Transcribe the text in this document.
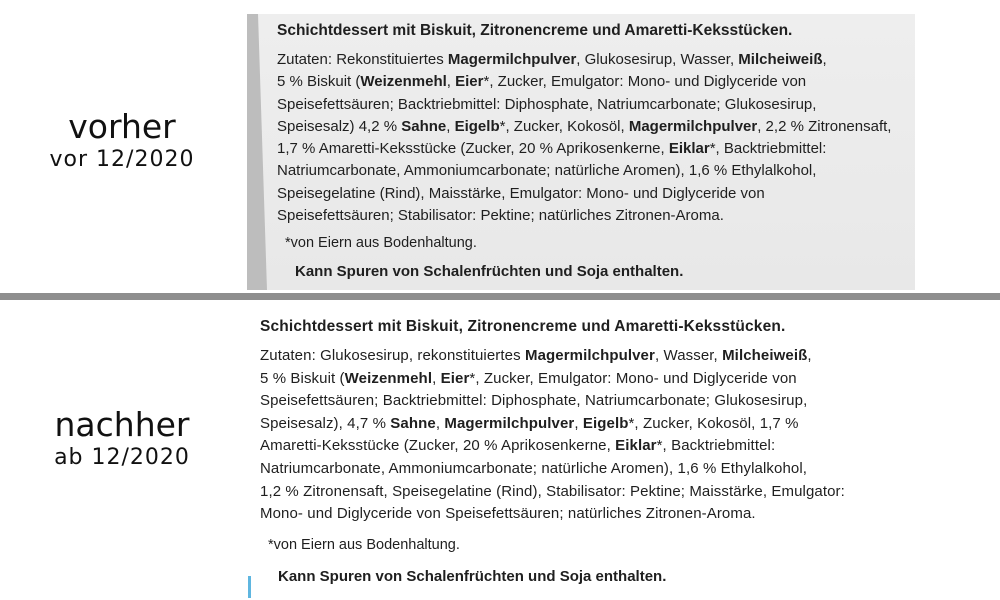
vorher
vor 12/2020
nachher
ab 12/2020
Schichtdessert mit Biskuit, Zitronencreme und Amaretti-Keksstücken.
Zutaten: Rekonstituiertes Magermilchpulver, Glukosesirup, Wasser, Milcheiweiß,
5 % Biskuit (Weizenmehl, Eier*, Zucker, Emulgator: Mono- und Diglyceride von
Speisefettsäuren; Backtriebmittel: Diphosphate, Natriumcarbonate; Glukosesirup,
Speisesalz) 4,2 % Sahne, Eigelb*, Zucker, Kokosöl, Magermilchpulver, 2,2 % Zitronensaft,
1,7 % Amaretti-Keksstücke (Zucker, 20 % Aprikosenkerne, Eiklar*, Backtriebmittel:
Natriumcarbonate, Ammoniumcarbonate; natürliche Aromen), 1,6 % Ethylalkohol,
Speisegelatine (Rind), Maisstärke, Emulgator: Mono- und Diglyceride von
Speisefettsäuren; Stabilisator: Pektine; natürliches Zitronen-Aroma.
*von Eiern aus Bodenhaltung.
Kann Spuren von Schalenfrüchten und Soja enthalten.
Schichtdessert mit Biskuit, Zitronencreme und Amaretti-Keksstücken.
Zutaten: Glukosesirup, rekonstituiertes Magermilchpulver, Wasser, Milcheiweiß,
5 % Biskuit (Weizenmehl, Eier*, Zucker, Emulgator: Mono- und Diglyceride von
Speisefettsäuren; Backtriebmittel: Diphosphate, Natriumcarbonate; Glukosesirup,
Speisesalz), 4,7 % Sahne, Magermilchpulver, Eigelb*, Zucker, Kokosöl, 1,7 %
Amaretti-Keksstücke (Zucker, 20 % Aprikosenkerne, Eiklar*, Backtriebmittel:
Natriumcarbonate, Ammoniumcarbonate; natürliche Aromen), 1,6 % Ethylalkohol,
1,2 % Zitronensaft, Speisegelatine (Rind), Stabilisator: Pektine; Maisstärke, Emulgator:
Mono- und Diglyceride von Speisefettsäuren; natürliches Zitronen-Aroma.
*von Eiern aus Bodenhaltung.
Kann Spuren von Schalenfrüchten und Soja enthalten.
